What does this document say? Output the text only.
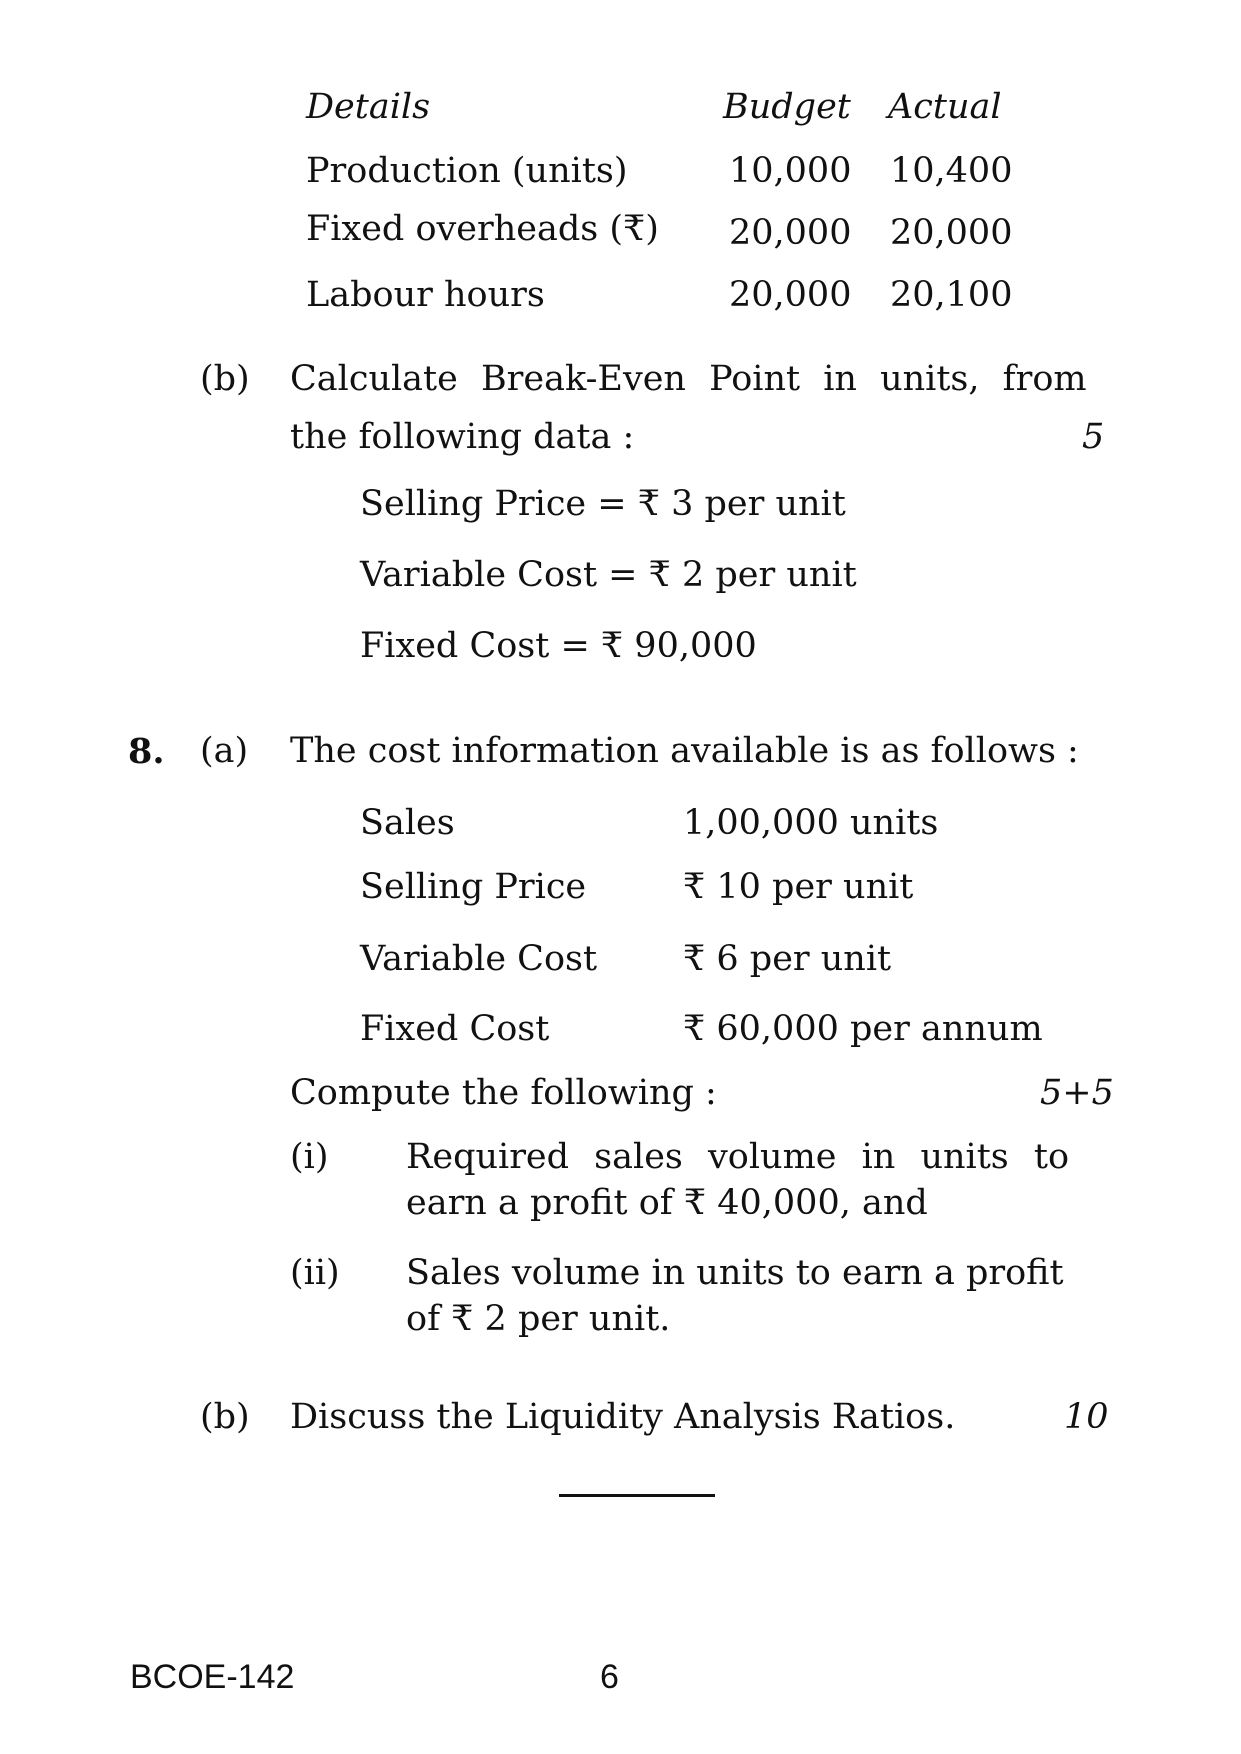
Details	Budget Actual
Production (units)	10,000 10,400
Fixed overheads (₹) 20,000 20,000
Labour hours	20,000 20,100
(b) Calculate Break-Even Point in units, from
the following data :	5
Selling Price = ₹ 3 per unit
Variable Cost = ₹ 2 per unit
Fixed Cost = ₹ 90,000
8. (a) The cost information available is as follows :
Sales	1,00,000 units
Selling Price	₹ 10 per unit
Variable Cost ₹ 6 per unit
Fixed Cost	₹ 60,000 per annum
Compute the following :	5+5
(i) Required sales volume in units to
earn a profit of ₹ 40,000, and
(ii) Sales volume in units to earn a profit
of ₹ 2 per unit.
(b) Discuss the Liquidity Analysis Ratios.	10
BCOE-142	6
